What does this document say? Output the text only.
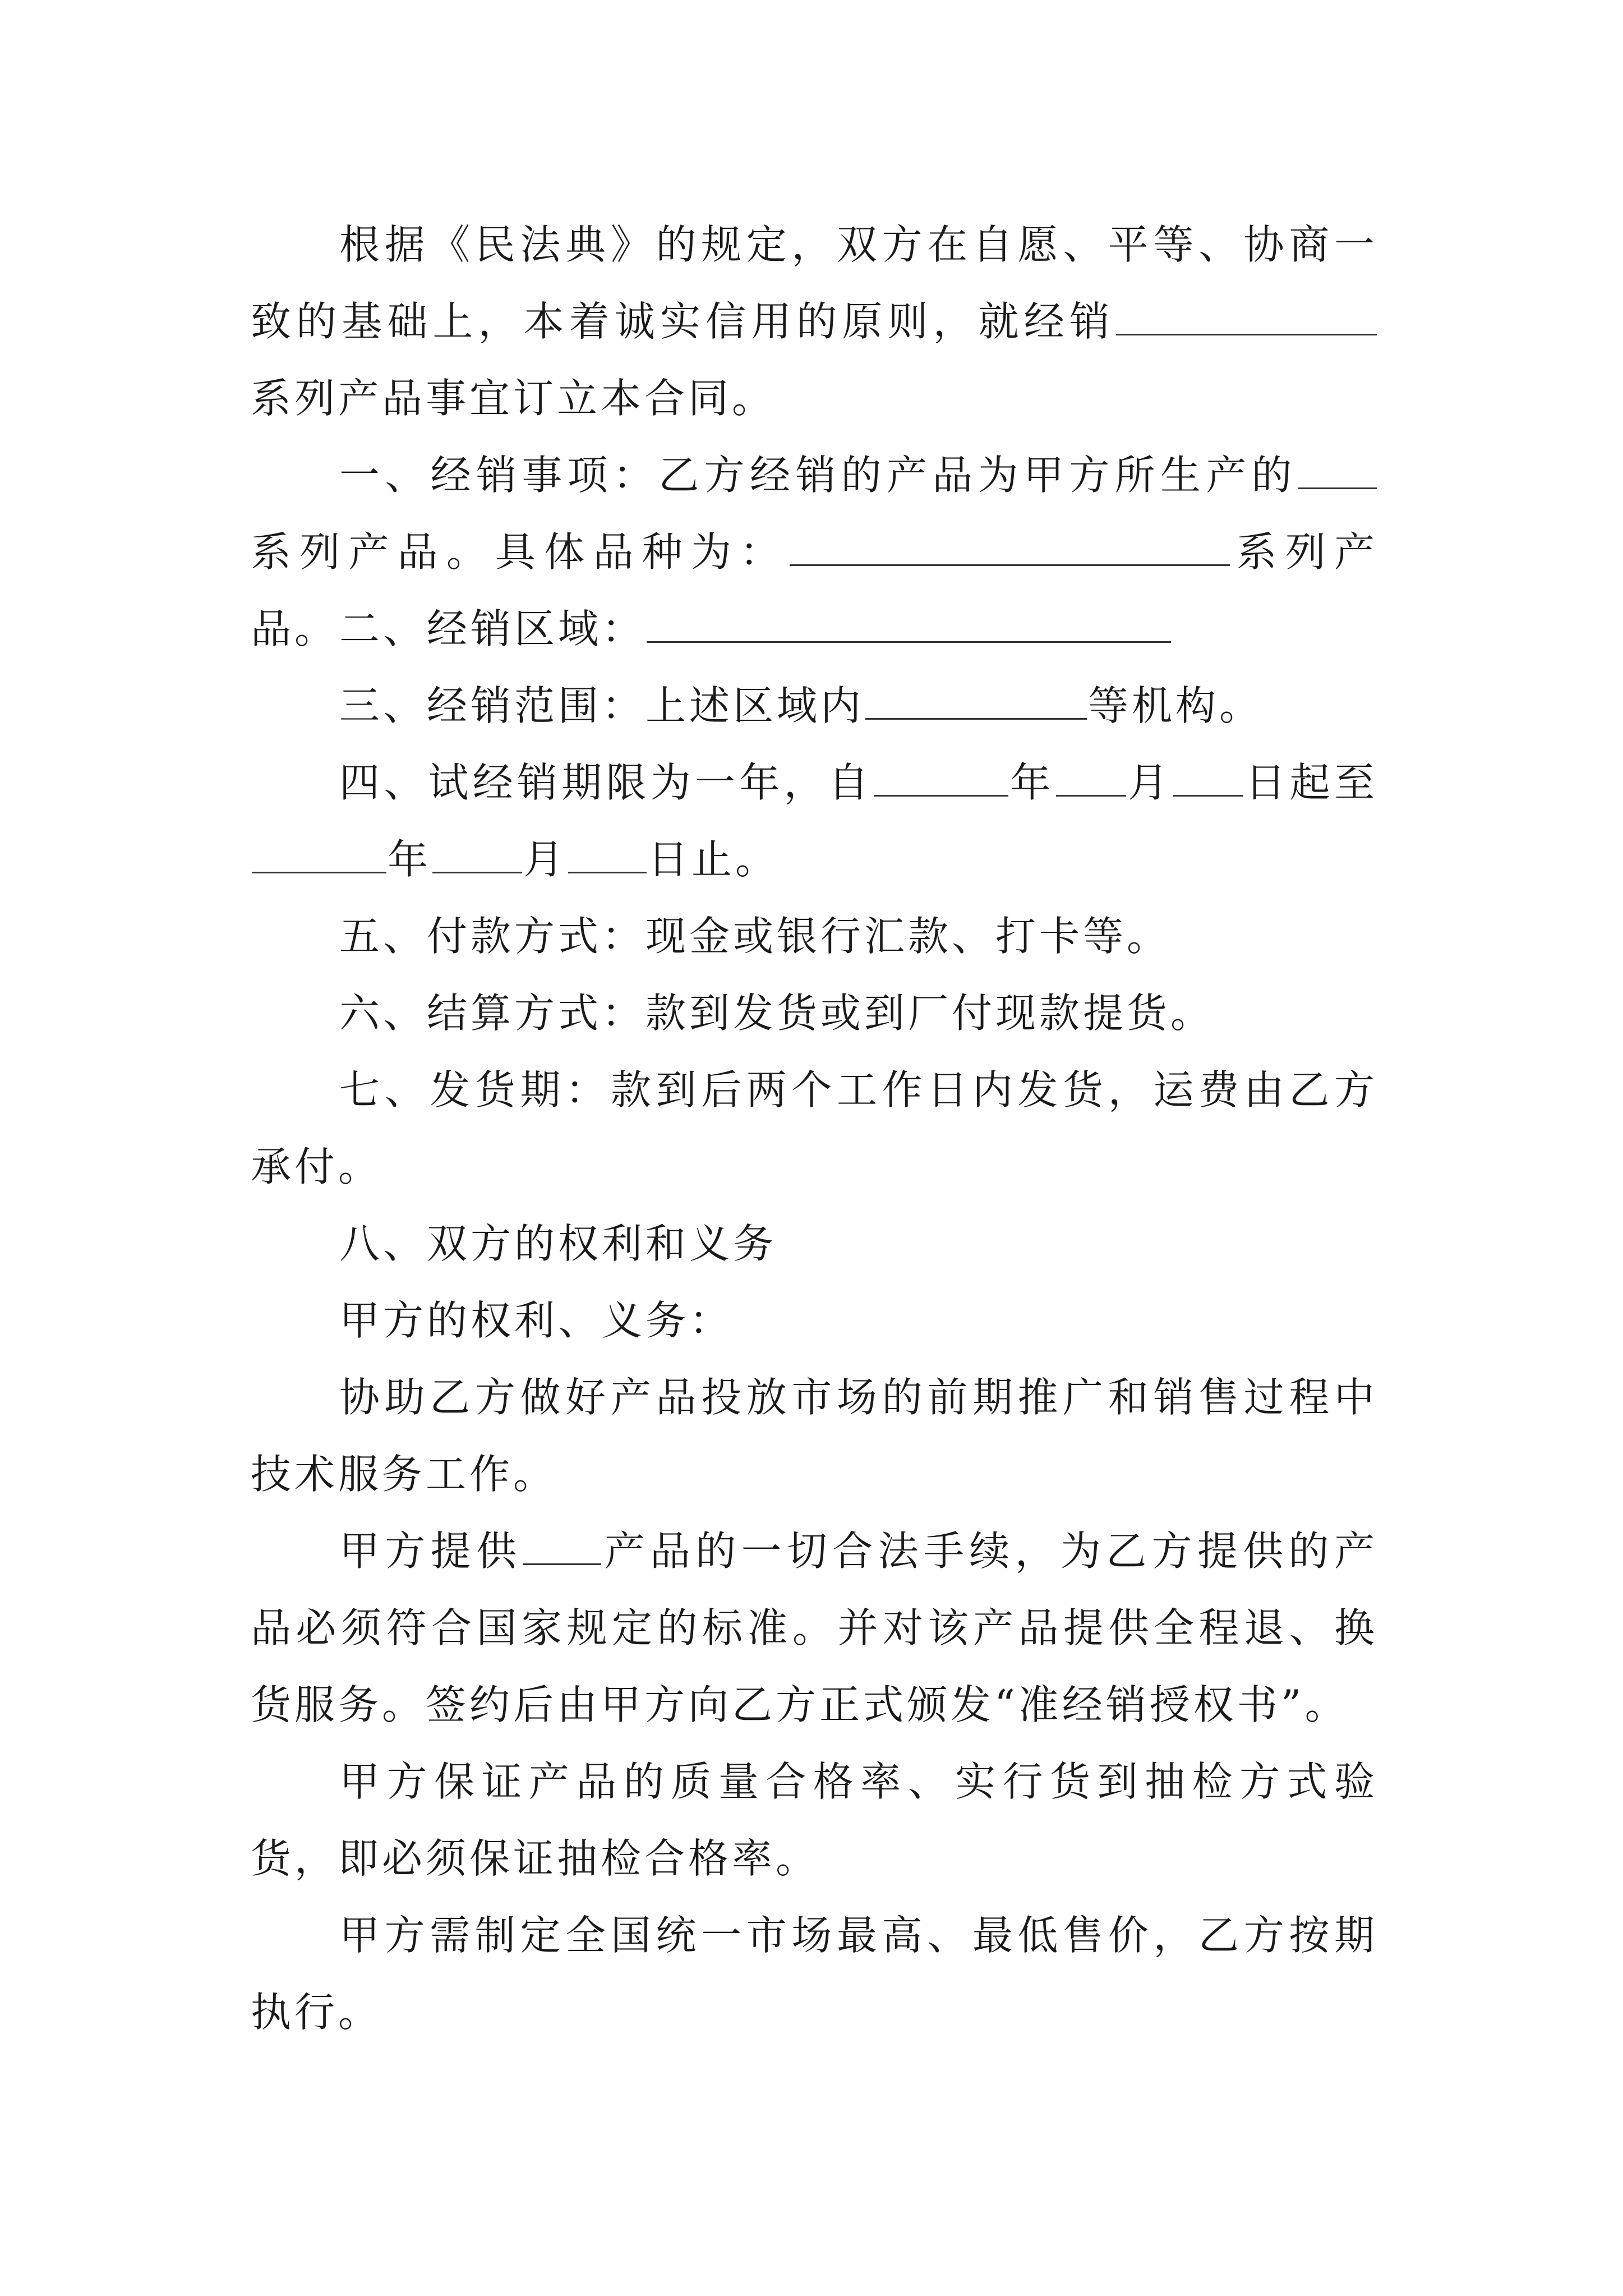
根据《民法典》的规定，双方在自愿、平等、协商一致的基础上，本着诚实信用的原则，就经销系列产品事宜订立本合同。

一、经销事项：乙方经销的产品为甲方所生产的系列产品。具体品种为：	系列产品。 二、经销区域：

三、经销范围：上述区域内	等机构。

四、试经销期限为一年，自	年 月 日起至年 月 日止。

五、付款方式：现金或银行汇款、打卡等。

六、结算方式：款到发货或到厂付现款提货。

七、发货期：款到后两个工作日内发货，运费由乙方承付。

八、双方的权利和义务

甲方的权利、义务：

协助乙方做好产品投放市场的前期推广和销售过程中技术服务工作。

甲方提供 产品的一切合法手续，为乙方提供的产品必须符合国家规定的标准。并对该产品提供全程退、换货服务。签约后由甲方向乙方正式颁发“准经销授权书”。

甲方保证产品的质量合格率、实行货到抽检方式验货，即必须保证抽检合格率。

甲方需制定全国统一市场最高、最低售价，乙方按期执行。
